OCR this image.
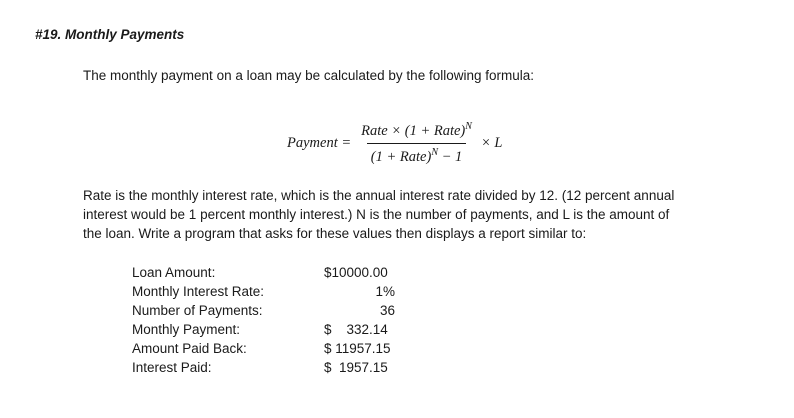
#19. Monthly Payments
The monthly payment on a loan may be calculated by the following formula:
Payment = $\frac{Rate \times (1 + Rate)^N}{(1 + Rate)^N - 1} \times L$

Rate is the monthly interest rate, which is the annual interest rate divided by 12. (12 percent annual

interest would be 1 percent monthly interest.) N is the number of payments, and L is the amount of

the loan. Write a program that asks for these values then displays a report similar to:

Loan Amount:	$10000.00
Monthly Interest Rate:	1%
Number of Payments:	36
Monthly Payment:	$    332.14
Amount Paid Back:	$ 11957.15
Interest Paid:	$  1957.15
